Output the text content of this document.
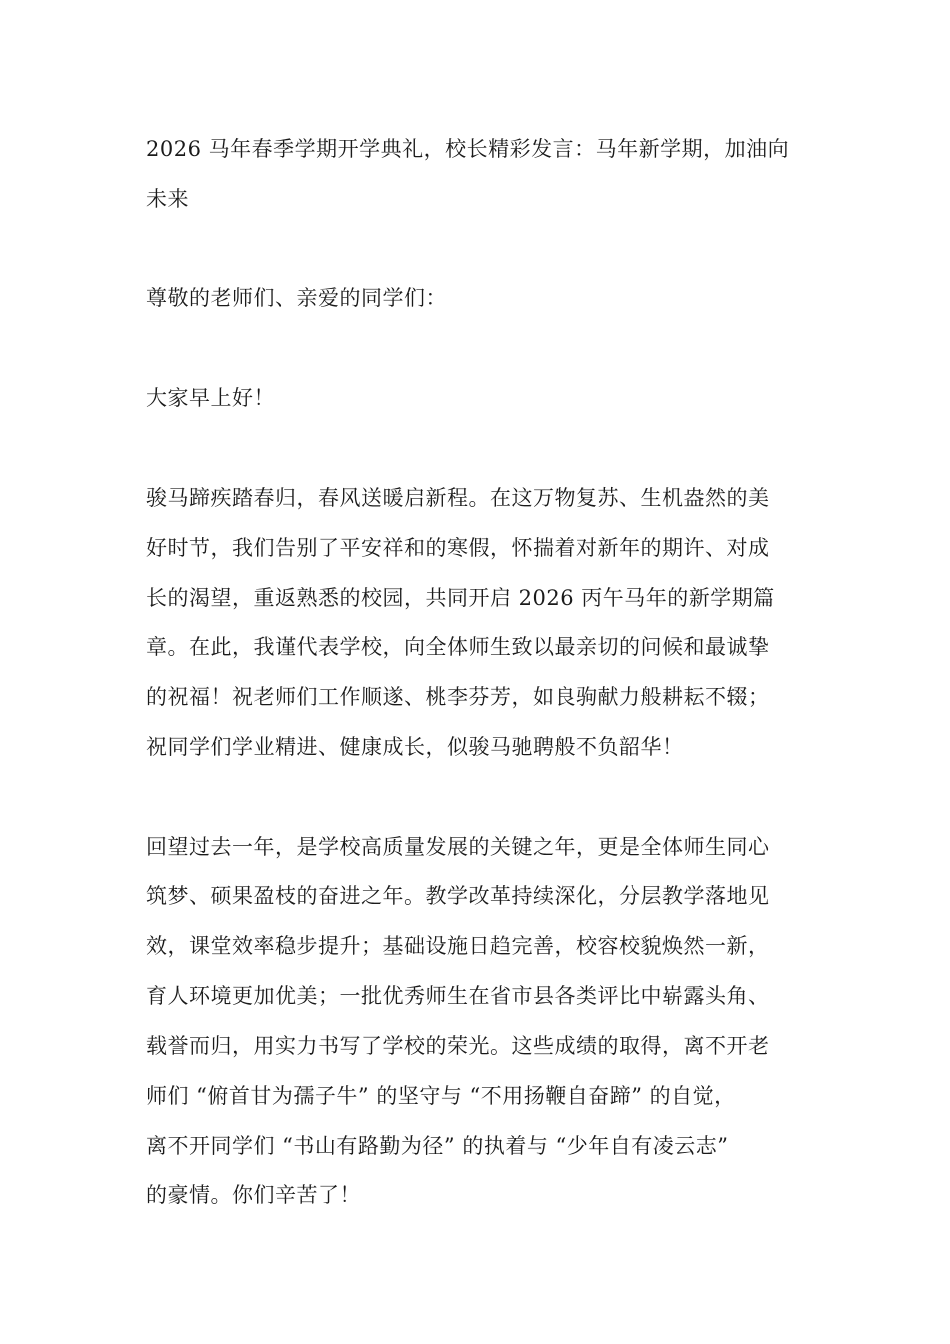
2026 马年春季学期开学典礼，校长精彩发言：马年新学期，加油向
未来
尊敬的老师们、亲爱的同学们：
大家早上好！
骏马蹄疾踏春归，春风送暖启新程。在这万物复苏、生机盎然的美
好时节，我们告别了平安祥和的寒假，怀揣着对新年的期许、对成
长的渴望，重返熟悉的校园，共同开启 2026 丙午马年的新学期篇
章。在此，我谨代表学校，向全体师生致以最亲切的问候和最诚挚
的祝福！祝老师们工作顺遂、桃李芬芳，如良驹献力般耕耘不辍；
祝同学们学业精进、健康成长，似骏马驰聘般不负韶华！
回望过去一年，是学校高质量发展的关键之年，更是全体师生同心
筑梦、硕果盈枝的奋进之年。教学改革持续深化，分层教学落地见
效，课堂效率稳步提升；基础设施日趋完善，校容校貌焕然一新，
育人环境更加优美；一批优秀师生在省市县各类评比中崭露头角、
载誉而归，用实力书写了学校的荣光。这些成绩的取得，离不开老
师们 “俯首甘为孺子牛” 的坚守与 “不用扬鞭自奋蹄” 的自觉，
离不开同学们 “书山有路勤为径” 的执着与 “少年自有凌云志”
的豪情。你们辛苦了！
